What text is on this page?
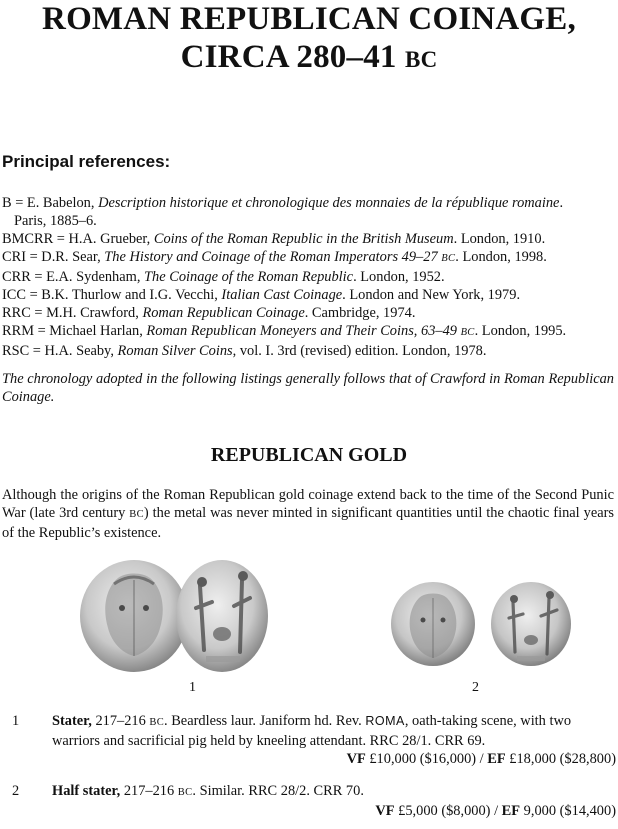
ROMAN REPUBLICAN COINAGE,
CIRCA 280–41 BC
Principal references:
B = E. Babelon, Description historique et chronologique des monnaies de la république romaine.
Paris, 1885–6.
BMCRR = H.A. Grueber, Coins of the Roman Republic in the British Museum. London, 1910.
CRI = D.R. Sear, The History and Coinage of the Roman Imperators 49–27 BC. London, 1998.
CRR = E.A. Sydenham, The Coinage of the Roman Republic. London, 1952.
ICC = B.K. Thurlow and I.G. Vecchi, Italian Cast Coinage. London and New York, 1979.
RRC = M.H. Crawford, Roman Republican Coinage. Cambridge, 1974.
RRM = Michael Harlan, Roman Republican Moneyers and Their Coins, 63–49 BC. London, 1995.
RSC = H.A. Seaby, Roman Silver Coins, vol. I. 3rd (revised) edition. London, 1978.
The chronology adopted in the following listings generally follows that of Crawford in Roman Republican Coinage.
REPUBLICAN GOLD
Although the origins of the Roman Republican gold coinage extend back to the time of the Second Punic War (late 3rd century BC) the metal was never minted in significant quantities until the chaotic final years of the Republic’s existence.
1	2
1 Stater, 217–216 BC. Beardless laur. Janiform hd. Rev. ROMA, oath-taking scene, with two warriors and sacrificial pig held by kneeling attendant. RRC 28/1. CRR 69.
VF £10,000 ($16,000) / EF £18,000 ($28,800)
2 Half stater, 217–216 BC. Similar. RRC 28/2. CRR 70.
VF £5,000 ($8,000) / EF 9,000 ($14,400)
